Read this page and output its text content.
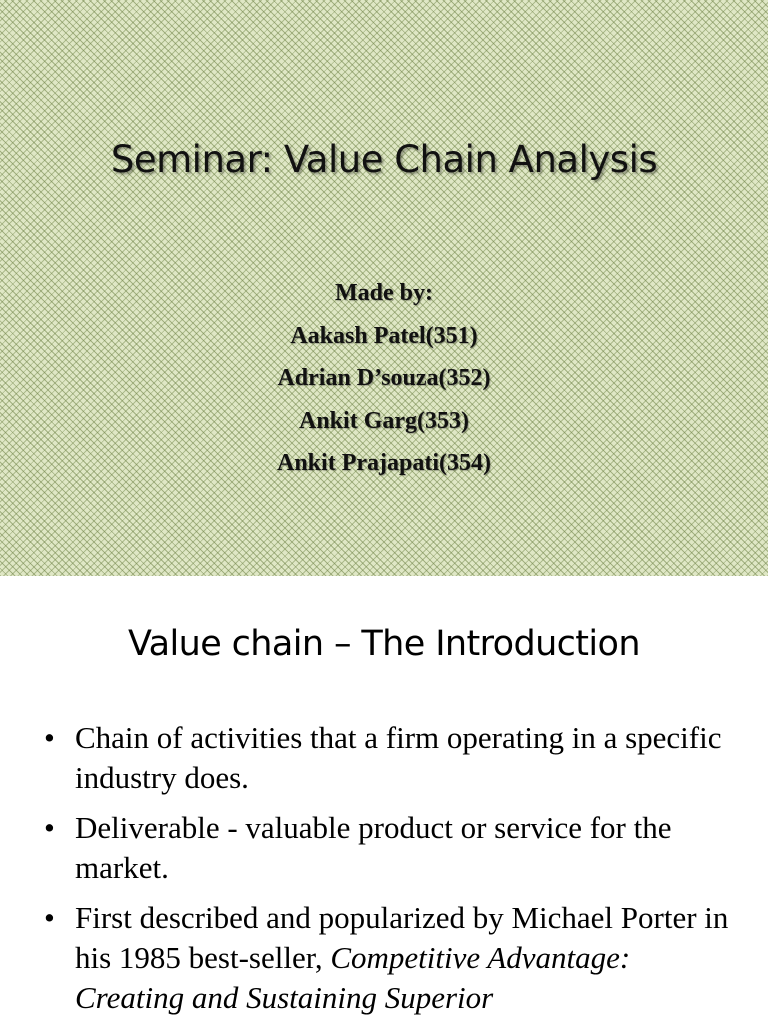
Seminar: Value Chain Analysis
Made by:
Aakash Patel(351)
Adrian D’souza(352)
Ankit Garg(353)
Ankit Prajapati(354)
Value chain – The Introduction
• Chain of activities that a firm operating in a specific industry does.
• Deliverable - valuable product or service for the market.
• First described and popularized by Michael Porter in his 1985 best-seller, Competitive Advantage: Creating and Sustaining Superior
